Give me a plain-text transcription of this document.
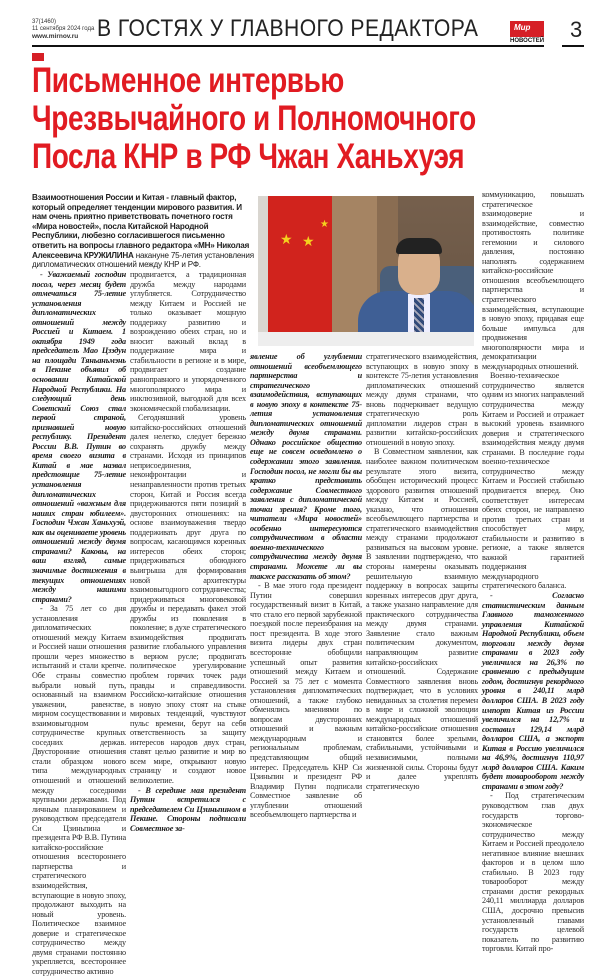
37(1460)
11 сентября 2024 года
www.mirnov.ru В ГОСТЯХ У ГЛАВНОГО РЕДАКТОРА	Мир
НОВОСТЕЙ 3
Письменное интервью
Чрезвычайного и Полномочного
Посла КНР в РФ Чжан Ханьхуэя
Взаимоотношения России и Китая - главный фактор, который определяет тенденции мирового развития. И нам очень приятно приветствовать почетного гостя «Мира новостей», посла Китайской Народной Республики, любезно согласившегося письменно ответить на вопросы главного редактора «МН» Николая Алексеевича КРУЖИЛИНА накануне 75-летия установления дипломатических отношений между КНР и РФ.
★ ★
★

- Уважаемый господин посол, через месяц будет отмечаться 75-летие установления дипломатических отношений между Россией и Китаем. 1 октября 1949 года председатель Мао Цзэдун на площади Тяньаньмэнь в Пекине объявил об основании Китайской Народной Республики. На следующий день Советский Союз стал первой страной, признавшей новую республику. Президент России В.В. Путин во время своего визита в Китай в мае назвал предстоящие 75-летие установления дипломатических отношений «важным для наших стран юбилеем». Господин Чжан Ханьхуэй, как вы оцениваете уровень отношений между двумя странами? Каковы, на ваш взгляд, самые значимые достижения в текущих отношениях между нашими странами?

- За 75 лет со дня установления дипломатических отношений между Китаем и Россией наши отношения прошли через множество испытаний и стали крепче. Обе страны совместно выбрали новый путь, основанный на взаимном уважении, равенстве, мирном сосуществовании и взаимовыгодном сотрудничестве крупных соседних держав. Двусторонние отношения стали образцом нового типа международных отношений и отношений между соседними крупными державами. Под личным планированием и руководством председателя Си Цзиньпина и президента РФ В.В. Путина китайско-российские отношения всестороннего партнерства и стратегического взаимодействия, вступающие в новую эпоху, продолжают выходить на новый уровень. Политическое взаимное доверие и стратегическое сотрудничество между двумя странами постоянно укрепляется, всестороннее сотрудничество активно

продвигается, а традиционная дружба между народами углубляется. Сотрудничество между Китаем и Россией не только оказывает мощную поддержку развитию и возрождению обеих стран, но и вносит важный вклад в поддержание мира и стабильности в регионе и в мире, продвигает создание равноправного и упорядоченного многополярного мира и инклюзивной, выгодной для всех экономической глобализации.

Сегодняшний уровень китайско-российских отношений далея нелегко, следует бережно сохранять дружбу между странами. Исходя из принципов неприсоединения, неконфронтации и ненаправленности против третьих сторон, Китай и Россия всегда придерживаются пяти позиций в двусторонних отношениях: на основе взаимоуважения твердо поддерживать друг друга по вопросам, касающимся коренных интересов обеих сторон; придерживаться обоюдного выигрыша для формирования новой архитектуры взаимовыгодного сотрудничества; придерживаться многовековой дружбы и передавать факел этой дружбы из поколения в поколение; в духе стратегического взаимодействия продвигать развитие глобального управления в верном русле; продвигать политическое урегулирование проблем горячих точек ради правды и справедливости. Российско-китайские отношения в новую эпоху стоят на стыке мировых тенденций, чувствуют пульс времени, берут на себя ответственность за защиту интересов народов двух стран, ставят целью развитие и мир во всем мире, открывают новую страницу и создают новое великолепие.

- В середине мая президент Путин встретился с председателем Си Цзиньпином в Пекине. Стороны подписали Совместное за-

явление об углублении отношений всеобъемлющего партнерства и стратегического взаимодействия, вступающих в новую эпоху в контексте 75-летия установления дипломатических отношений между двумя странами. Однако российское общество еще не совсем осведомлено о содержании этого заявления. Господин посол, не могли бы вы кратко представить содержание Совместного заявления с дипломатической точки зрения? Кроме того, читатели «Мира новостей» особенно интересуются сотрудничеством в области военно-технического сотрудничества между двумя странами. Можете ли вы также рассказать об этом?

- В мае этого года президент Путин совершил государственный визит в Китай, что стало его первой зарубежной поездкой после переизбрания на пост президента. В ходе этого визита лидеры двух стран всесторонне обобщили успешный опыт развития отношений между Китаем и Россией за 75 лет с момента установления дипломатических отношений, а также глубоко обменялись мнениями по вопросам двусторонних отношений и важным международным и региональным проблемам, представляющим общий интерес. Председатель КНР Си Цзиньпин и президент РФ Владимир Путин подписали Совместное заявление об углублении отношений всеобъемлющего партнерства и

стратегического взаимодействия, вступающих в новую эпоху в контексте 75-летия установления дипломатических отношений между двумя странами, что вновь подчеркивает ведущую стратегическую роль дипломатии лидеров стран в развитии китайско-российских отношений в новую эпоху.

В Совместном заявлении, как наиболее важном политическом результате этого визита, обобщен исторический процесс здорового развития отношений между Китаем и Россией, указано, что отношения всеобъемлющего партнерства и стратегического взаимодействия между странами продолжают развиваться на высоком уровне. В заявлении подтверждено, что стороны намерены оказывать решительную взаимную поддержку в вопросах защиты коренных интересов друг друга, а также указано направление для практического сотрудничества между двумя странами. Заявление стало важным политическим документом, направляющим развитие китайско-российских отношений. Содержание Совместного заявления вновь подтверждает, что в условиях невиданных за столетия перемен в мире и сложной эволюции международных отношений китайско-российские отношения становятся более зрелыми, стабильными, устойчивыми и независимыми, полными жизненной силы. Стороны будут и далее укреплять стратегическую

коммуникацию, повышать стратегическое взаимодоверие и взаимодействие, совместно противостоять политике гегемонии и силового давления, постоянно наполнять содержанием китайско-российские отношения всеобъемлющего партнерства и стратегического взаимодействия, вступающие в новую эпоху, придавая еще больше импульса для продвижения многополярности мира и демократизации международных отношений.

Военно-техническое сотрудничество является одним из многих направлений сотрудничества между Китаем и Россией и отражает высокий уровень взаимного доверия и стратегического взаимодействия между двумя странами. В последние годы военно-техническое сотрудничество между Китаем и Россией стабильно продвигается вперед. Оно соответствует интересам обеих сторон, не направлено против третьих стран и способствует миру, стабильности и развитию в регионе, а также является важной гарантией поддержания международного стратегического баланса.

- Согласно статистическим данным Главного таможенного управления Китайской Народной Республики, объем торговли между двумя странами в 2023 году увеличился на 26,3% по сравнению с предыдущим годом, достигнув рекордного уровня в 240,11 млрд долларов США. В 2023 году импорт Китая из России увеличился на 12,7% и составил 129,14 млрд долларов США, а экспорт Китая в Россию увеличился на 46,9%, достигнув 110,97 млрд долларов США. Каким будет товарооборот между странами в этом году?

- Под стратегическим руководством глав двух государств торгово-экономическое сотрудничество между Китаем и Россией преодолело негативное влияние внешних факторов и в целом шло стабильно. В 2023 году товарооборот между странами достиг рекордных 240,11 миллиарда долларов США, досрочно превысив установленный главами государств целевой показатель по развитию торговли. Китай про-
